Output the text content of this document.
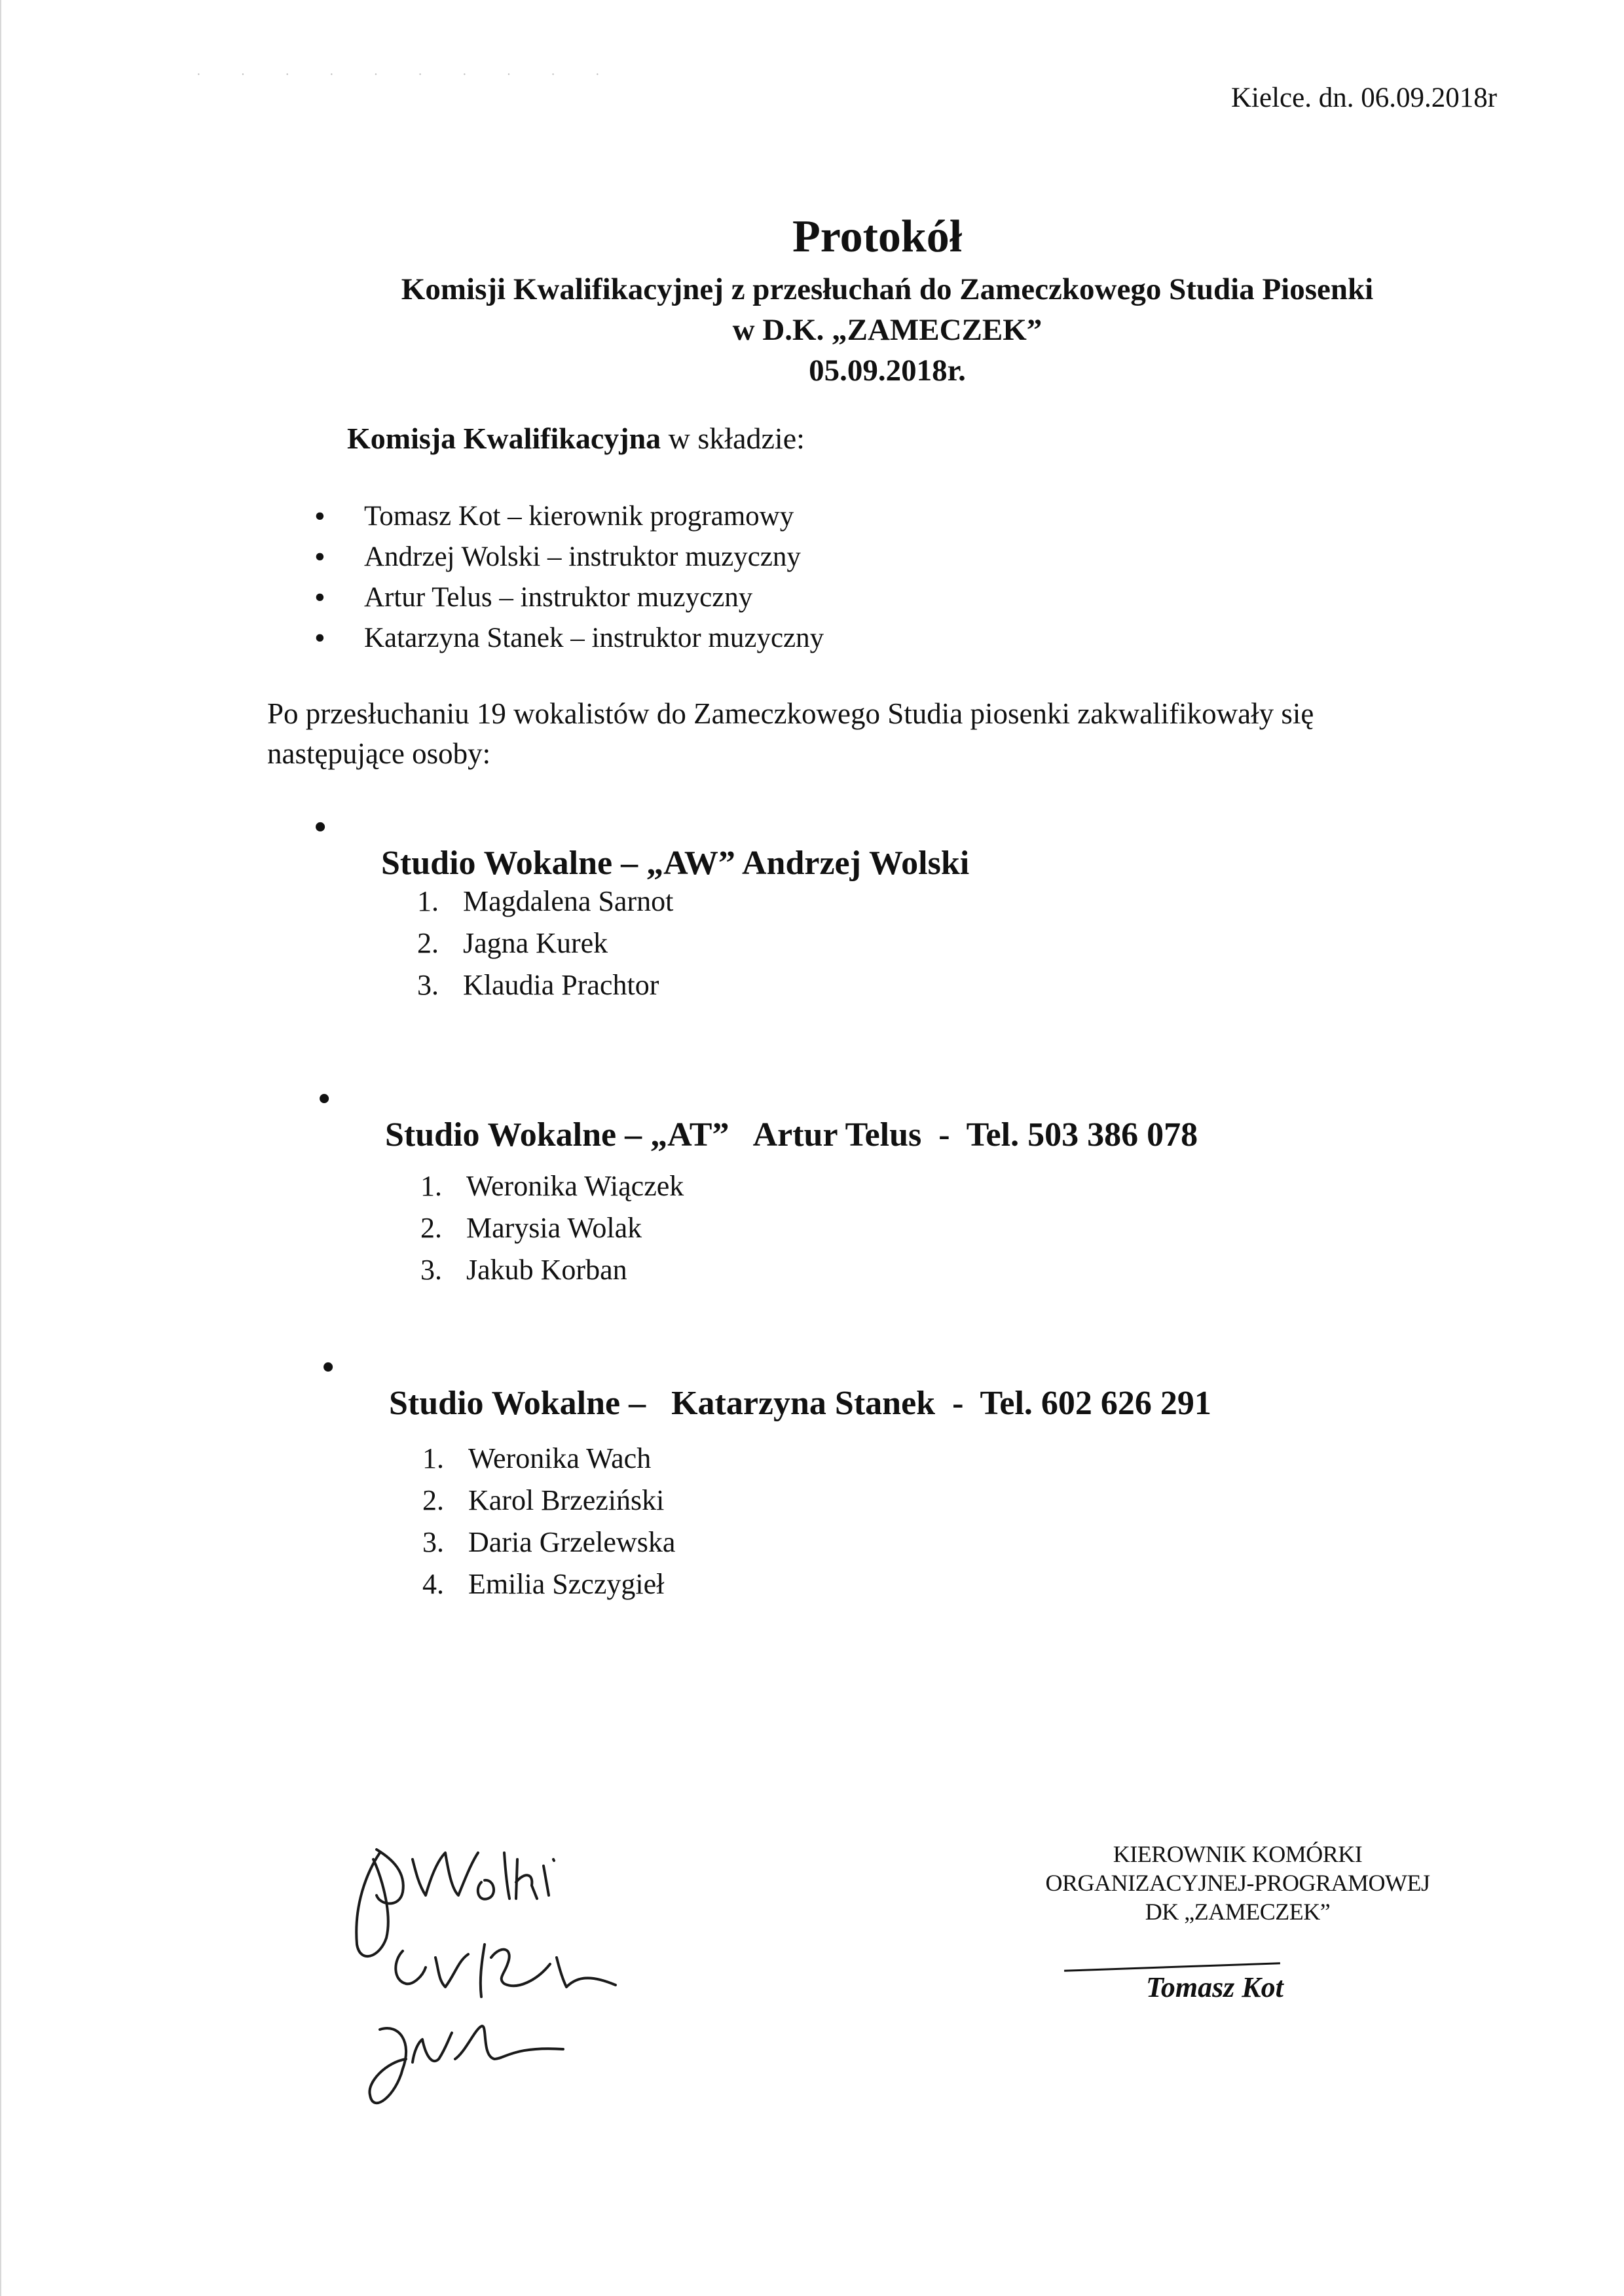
· · · · · · · · · ·
Kielce. dn. 06.09.2018r
Protokół
Komisji Kwalifikacyjnej z przesłuchań do Zameczkowego Studia Piosenki
w D.K. „ZAMECZEK”
05.09.2018r.
Komisja Kwalifikacyjna w składzie:
• Tomasz Kot – kierownik programowy
• Andrzej Wolski – instruktor muzyczny
• Artur Telus – instruktor muzyczny
• Katarzyna Stanek – instruktor muzyczny
Po przesłuchaniu 19 wokalistów do Zameczkowego Studia piosenki zakwalifikowały się następujące osoby:

•
Studio Wokalne – „AW” Andrzej Wolski

1. Magdalena Sarnot
2. Jagna Kurek
3. Klaudia Prachtor

•
Studio Wokalne – „AT”   Artur Telus  -  Tel. 503 386 078

1. Weronika Wiączek
2. Marysia Wolak
3. Jakub Korban

•
Studio Wokalne –   Katarzyna Stanek  -  Tel. 602 626 291

1. Weronika Wach
2. Karol Brzeziński
3. Daria Grzelewska
4. Emilia Szczygieł
KIEROWNIK KOMÓRKI
ORGANIZACYJNEJ-PROGRAMOWEJ
DK „ZAMECZEK”
Tomasz Kot
